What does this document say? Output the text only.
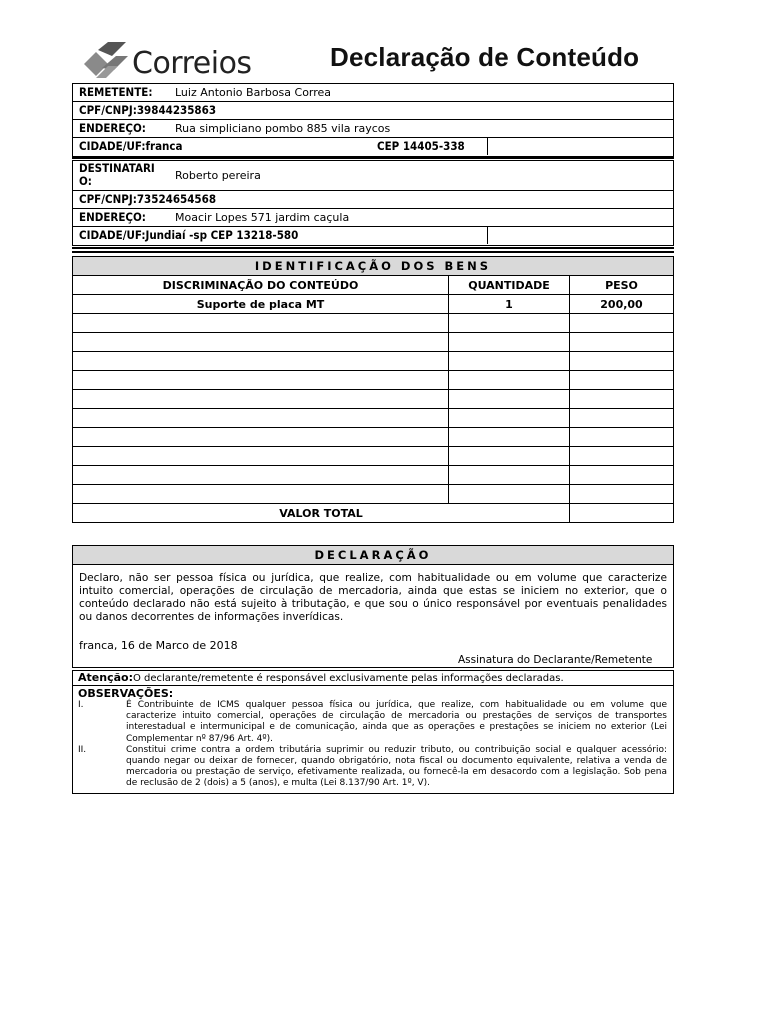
Correios	Declaração de Conteúdo
REMETENTE: Luiz Antonio Barbosa Correa
CPF/CNPJ:39844235863
ENDEREÇO:	Rua simpliciano pombo 885 vila raycos
CIDADE/UF:franca	CEP 14405-338
DESTINATARI
O:	Roberto pereira
CPF/CNPJ:73524654568
ENDEREÇO:	Moacir Lopes 571 jardim caçula
CIDADE/UF:Jundiaí -sp CEP 13218-580
IDENTIFICAÇÃO DOS BENS
DISCRIMINAÇÃO DO CONTEÚDO	QUANTIDADE	PESO
Suporte de placa MT	1	200,00

VALOR TOTAL		
DECLARAÇÃO
Declaro, não ser pessoa física ou jurídica, que realize, com habitualidade ou em volume que caracterize intuito comercial, operações de circulação de mercadoria, ainda que estas se iniciem no exterior, que o conteúdo declarado não está sujeito à tributação, e que sou o único responsável por eventuais penalidades ou danos decorrentes de informações inverídicas.
franca, 16 de Marco de 2018
Assinatura do Declarante/Remetente
Atenção:O declarante/remetente é responsável exclusivamente pelas informações declaradas.
OBSERVAÇÕES:
I.	É Contribuinte de ICMS qualquer pessoa física ou jurídica, que realize, com habitualidade ou em volume que caracterize intuito comercial, operações de circulação de mercadoria ou prestações de serviços de transportes interestadual e intermunicipal e de comunicação, ainda que as operações e prestações se iniciem no exterior (Lei Complementar nº 87/96 Art. 4º).
II.	Constitui crime contra a ordem tributária suprimir ou reduzir tributo, ou contribuição social e qualquer acessório: quando negar ou deixar de fornecer, quando obrigatório, nota fiscal ou documento equivalente, relativa a venda de mercadoria ou prestação de serviço, efetivamente realizada, ou fornecê-la em desacordo com a legislação. Sob pena de reclusão de 2 (dois) a 5 (anos), e multa (Lei 8.137/90 Art. 1º, V).
